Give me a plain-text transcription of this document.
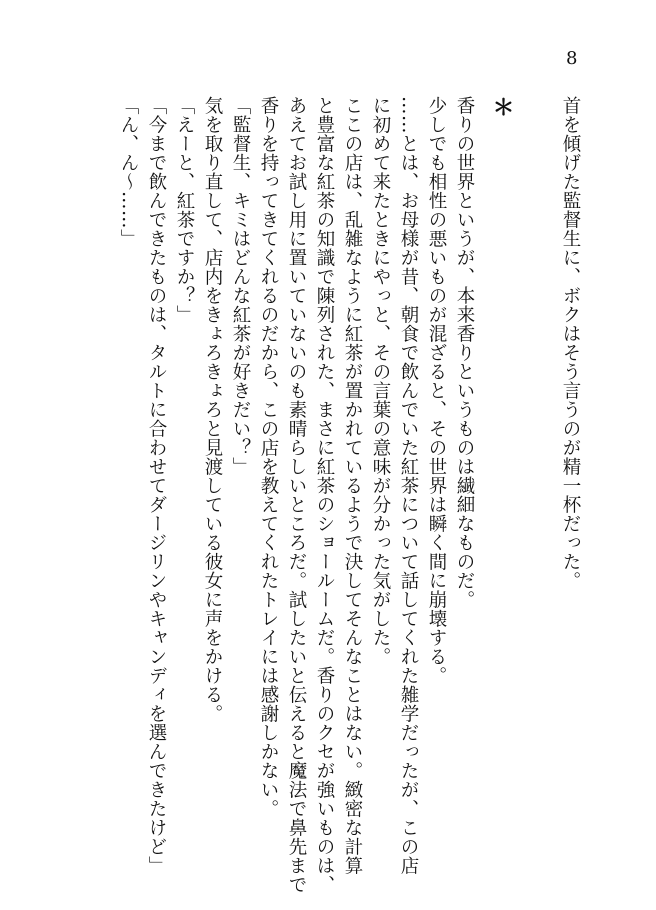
8

首を傾げた監督生に、ボクはそう言うのが精一杯だった。

＊

香りの世界というが、本来香りというものは繊細なものだ。

少しでも相性の悪いものが混ざると、その世界は瞬く間に崩壊する。

……とは、お母様が昔、朝食で飲んでいた紅茶について話してくれた雑学だったが、この店

に初めて来たときにやっと、その言葉の意味が分かった気がした。

ここの店は、乱雑なように紅茶が置かれているようで決してそんなことはない。緻密な計算

と豊富な紅茶の知識で陳列された、まさに紅茶のショールームだ。香りのクセが強いものは、

あえてお試し用に置いていないのも素晴らしいところだ。試したいと伝えると魔法で鼻先まで

香りを持ってきてくれるのだから、この店を教えてくれたトレイには感謝しかない。

「監督生、キミはどんな紅茶が好きだい？」

気を取り直して、店内をきょろきょろと見渡している彼女に声をかける。

「えーと、紅茶ですか？」

「今まで飲んできたものは、タルトに合わせてダージリンやキャンディを選んできたけど」

「ん、ん〜……」
